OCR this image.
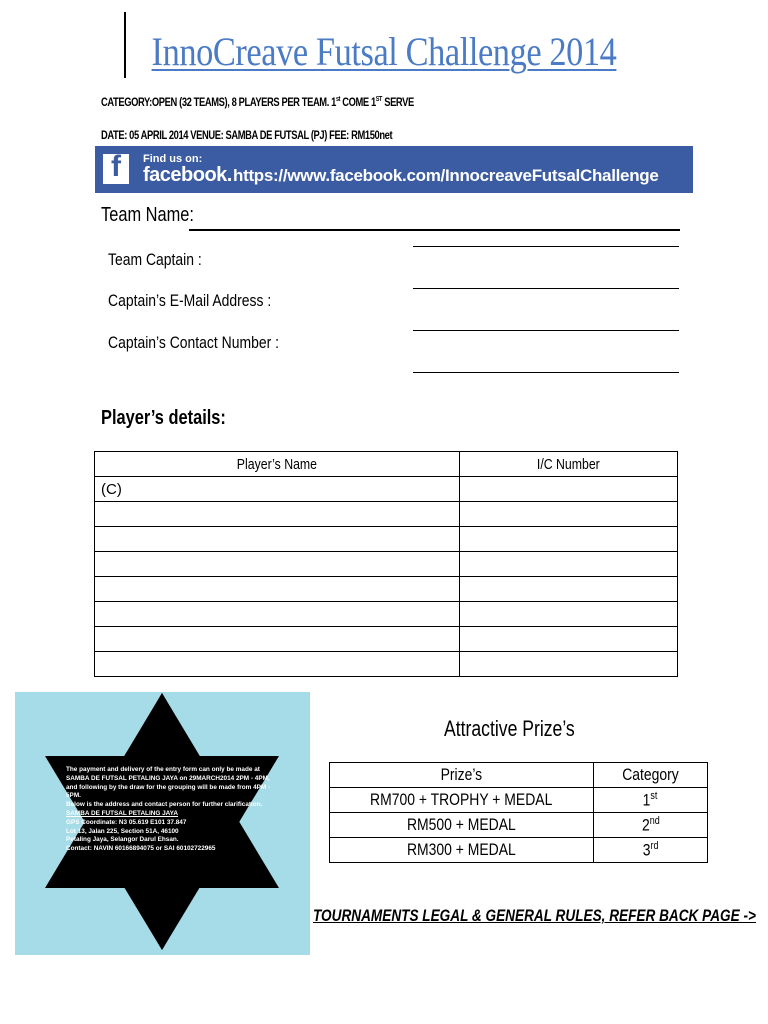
InnoCreave Futsal Challenge 2014
CATEGORY:OPEN (32 TEAMS), 8 PLAYERS PER TEAM. 1st COME 1ST SERVE
DATE: 05 APRIL 2014 VENUE: SAMBA DE FUTSAL (PJ) FEE: RM150net
f	Find us on:
facebook. https://www.facebook.com/InnocreaveFutsalChallenge
Team Name:
Team Captain :
Captain’s E-Mail Address :
Captain’s Contact Number :
Player’s details:
Player’s Name	I/C Number
(C)	

The payment and delivery of the entry form can only be made at SAMBA DE FUTSAL PETALING JAYA on 29MARCH2014 2PM - 4PM, and following by the draw for the grouping will be made from 4PM - 5PM.
Below is the address and contact person for further clarification.
SAMBA DE FUTSAL PETALING JAYA
GPS Coordinate: N3 05.619 E101 37.847
Lot 13, Jalan 225, Section 51A, 46100
Petaling Jaya, Selangor Darul Ehsan.
Contact: NAVIN 60166894075 or SAI 60102722965
Attractive Prize’s
Prize’s	Category
RM700 + TROPHY + MEDAL	1st
RM500 + MEDAL	2nd
RM300 + MEDAL	3rd
TOURNAMENTS LEGAL & GENERAL RULES, REFER BACK PAGE ->
